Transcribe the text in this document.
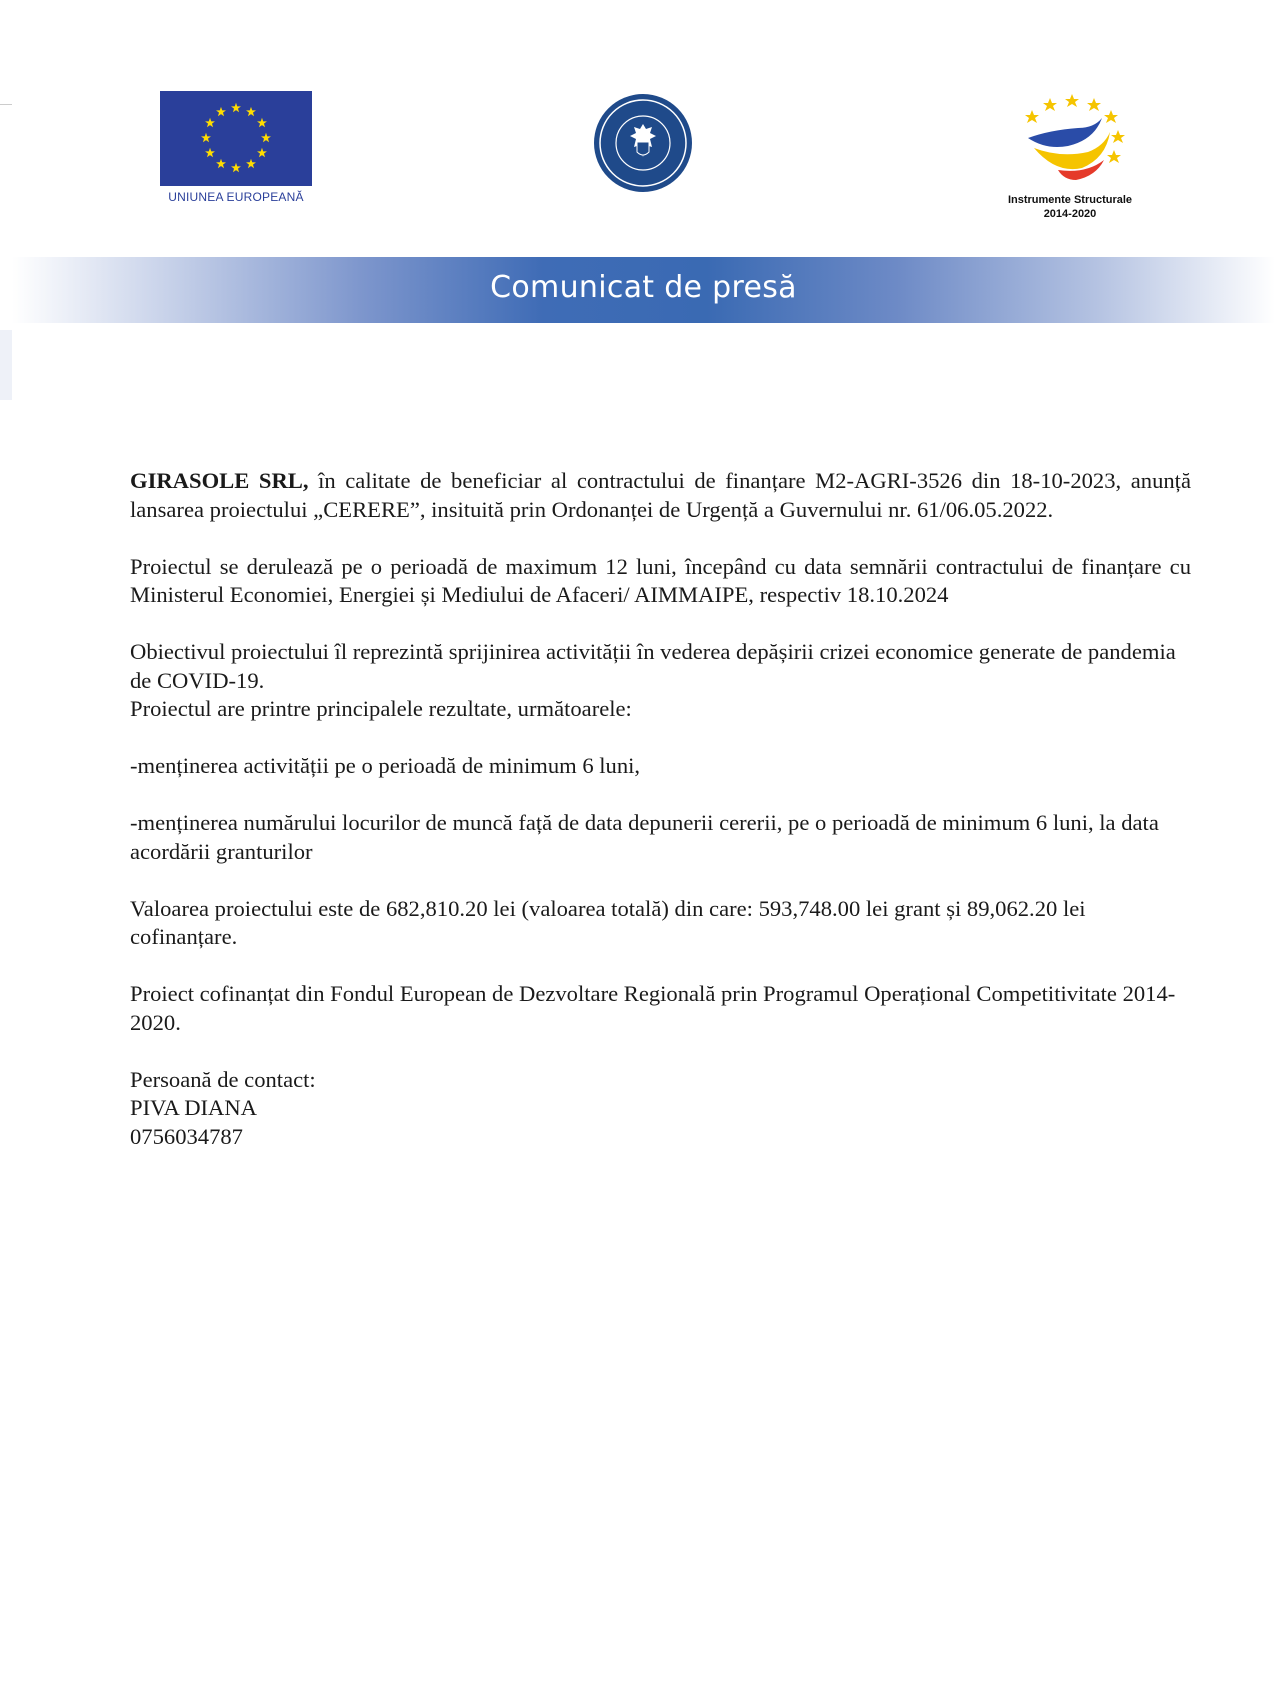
UNIUNEA EUROPEANĂ	Instrumente Structurale
2014-2020
Comunicat de presă

GIRASOLE SRL, în calitate de beneficiar al contractului de finanțare M2-AGRI-3526 din 18-10-2023, anunță lansarea proiectului „CERERE”, insituită prin Ordonanței de Urgență a Guvernului nr. 61/06.05.2022.

Proiectul se derulează pe o perioadă de maximum 12 luni, începând cu data semnării contractului de finanțare cu Ministerul Economiei, Energiei și Mediului de Afaceri/ AIMMAIPE, respectiv 18.10.2024

Obiectivul proiectului îl reprezintă sprijinirea activității în vederea depășirii crizei economice generate de pandemia de COVID-19.

Proiectul are printre principalele rezultate, următoarele:

-menținerea activității pe o perioadă de minimum 6 luni,

-menținerea numărului locurilor de muncă față de data depunerii cererii, pe o perioadă de minimum 6 luni, la data acordării granturilor

Valoarea proiectului este de 682,810.20 lei (valoarea totală) din care: 593,748.00 lei grant și 89,062.20 lei cofinanțare.

Proiect cofinanțat din Fondul European de Dezvoltare Regională prin Programul Operațional Competitivitate 2014-2020.

Persoană de contact:
PIVA DIANA
0756034787
